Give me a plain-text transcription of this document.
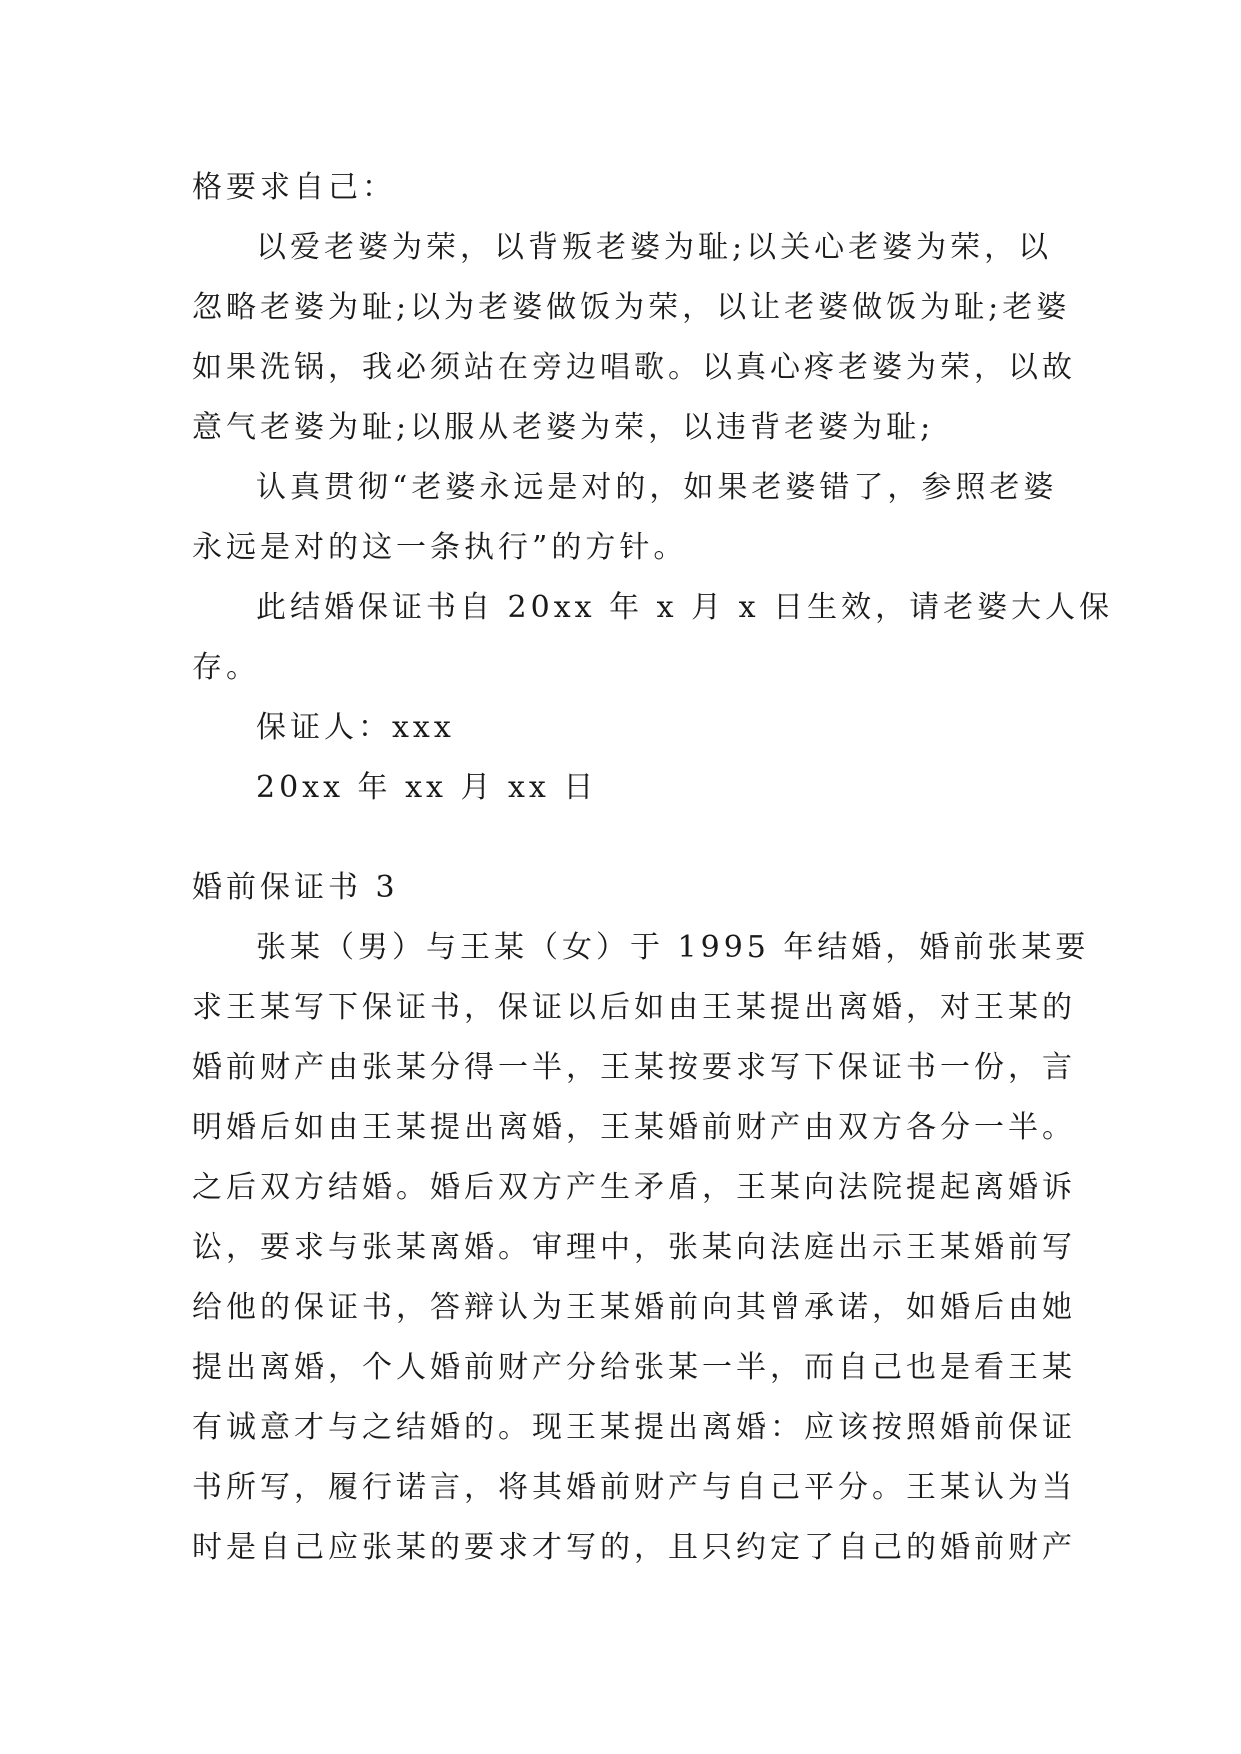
格要求自己：

以爱老婆为荣，以背叛老婆为耻;以关心老婆为荣，以

忽略老婆为耻;以为老婆做饭为荣，以让老婆做饭为耻;老婆

如果洗锅，我必须站在旁边唱歌。以真心疼老婆为荣，以故

意气老婆为耻;以服从老婆为荣，以违背老婆为耻;

认真贯彻“老婆永远是对的，如果老婆错了，参照老婆

永远是对的这一条执行”的方针。

此结婚保证书自 20xx 年 x 月 x 日生效，请老婆大人保

存。

保证人：xxx

20xx 年 xx 月 xx 日

婚前保证书 3

张某（男）与王某（女）于 1995 年结婚，婚前张某要

求王某写下保证书，保证以后如由王某提出离婚，对王某的

婚前财产由张某分得一半，王某按要求写下保证书一份，言

明婚后如由王某提出离婚，王某婚前财产由双方各分一半。

之后双方结婚。婚后双方产生矛盾，王某向法院提起离婚诉

讼，要求与张某离婚。审理中，张某向法庭出示王某婚前写

给他的保证书，答辩认为王某婚前向其曾承诺，如婚后由她

提出离婚，个人婚前财产分给张某一半，而自己也是看王某

有诚意才与之结婚的。现王某提出离婚：应该按照婚前保证

书所写，履行诺言，将其婚前财产与自己平分。王某认为当

时是自己应张某的要求才写的，且只约定了自己的婚前财产
